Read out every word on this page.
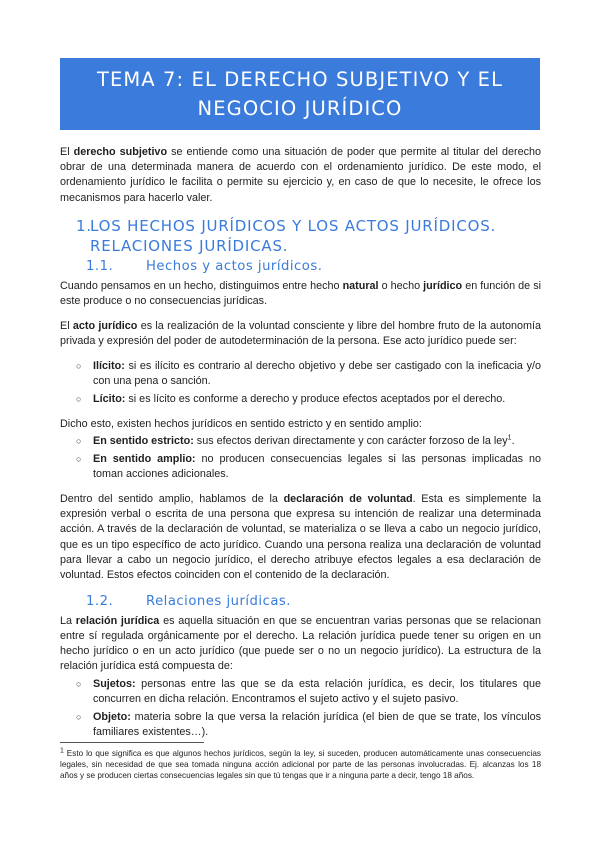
TEMA 7: EL DERECHO SUBJETIVO Y EL NEGOCIO JURÍDICO

El derecho subjetivo se entiende como una situación de poder que permite al titular del derecho obrar de una determinada manera de acuerdo con el ordenamiento jurídico. De este modo, el ordenamiento jurídico le facilita o permite su ejercicio y, en caso de que lo necesite, le ofrece los mecanismos para hacerlo valer.

1.
LOS HECHOS JURÍDICOS Y LOS ACTOS JURÍDICOS. RELACIONES JURÍDICAS.
1.1. Hechos y actos jurídicos.

Cuando pensamos en un hecho, distinguimos entre hecho natural o hecho jurídico en función de si este produce o no consecuencias jurídicas.

El acto jurídico es la realización de la voluntad consciente y libre del hombre fruto de la autonomía privada y expresión del poder de autodeterminación de la persona. Ese acto jurídico puede ser:

○ Ilícito: si es ilícito es contrario al derecho objetivo y debe ser castigado con la ineficacia y/o con una pena o sanción.
○ Lícito: si es lícito es conforme a derecho y produce efectos aceptados por el derecho.

Dicho esto, existen hechos jurídicos en sentido estricto y en sentido amplio:

○ En sentido estricto: sus efectos derivan directamente y con carácter forzoso de la ley$^1$.
○ En sentido amplio: no producen consecuencias legales si las personas implicadas no toman acciones adicionales.

Dentro del sentido amplio, hablamos de la declaración de voluntad. Esta es simplemente la expresión verbal o escrita de una persona que expresa su intención de realizar una determinada acción. A través de la declaración de voluntad, se materializa o se lleva a cabo un negocio jurídico, que es un tipo específico de acto jurídico. Cuando una persona realiza una declaración de voluntad para llevar a cabo un negocio jurídico, el derecho atribuye efectos legales a esa declaración de voluntad. Estos efectos coinciden con el contenido de la declaración.

1.2. Relaciones jurídicas.

La relación jurídica es aquella situación en que se encuentran varias personas que se relacionan entre sí regulada orgánicamente por el derecho. La relación jurídica puede tener su origen en un hecho jurídico o en un acto jurídico (que puede ser o no un negocio jurídico). La estructura de la relación jurídica está compuesta de:

○ Sujetos: personas entre las que se da esta relación jurídica, es decir, los titulares que concurren en dicha relación. Encontramos el sujeto activo y el sujeto pasivo.
○ Objeto: materia sobre la que versa la relación jurídica (el bien de que se trate, los vínculos familiares existentes…).
$^1$ Esto lo que significa es que algunos hechos jurídicos, según la ley, si suceden, producen automáticamente unas consecuencias legales, sin necesidad de que sea tomada ninguna acción adicional por parte de las personas involucradas. Ej. alcanzas los 18 años y se producen ciertas consecuencias legales sin que tú tengas que ir a ninguna parte a decir, tengo 18 años.
